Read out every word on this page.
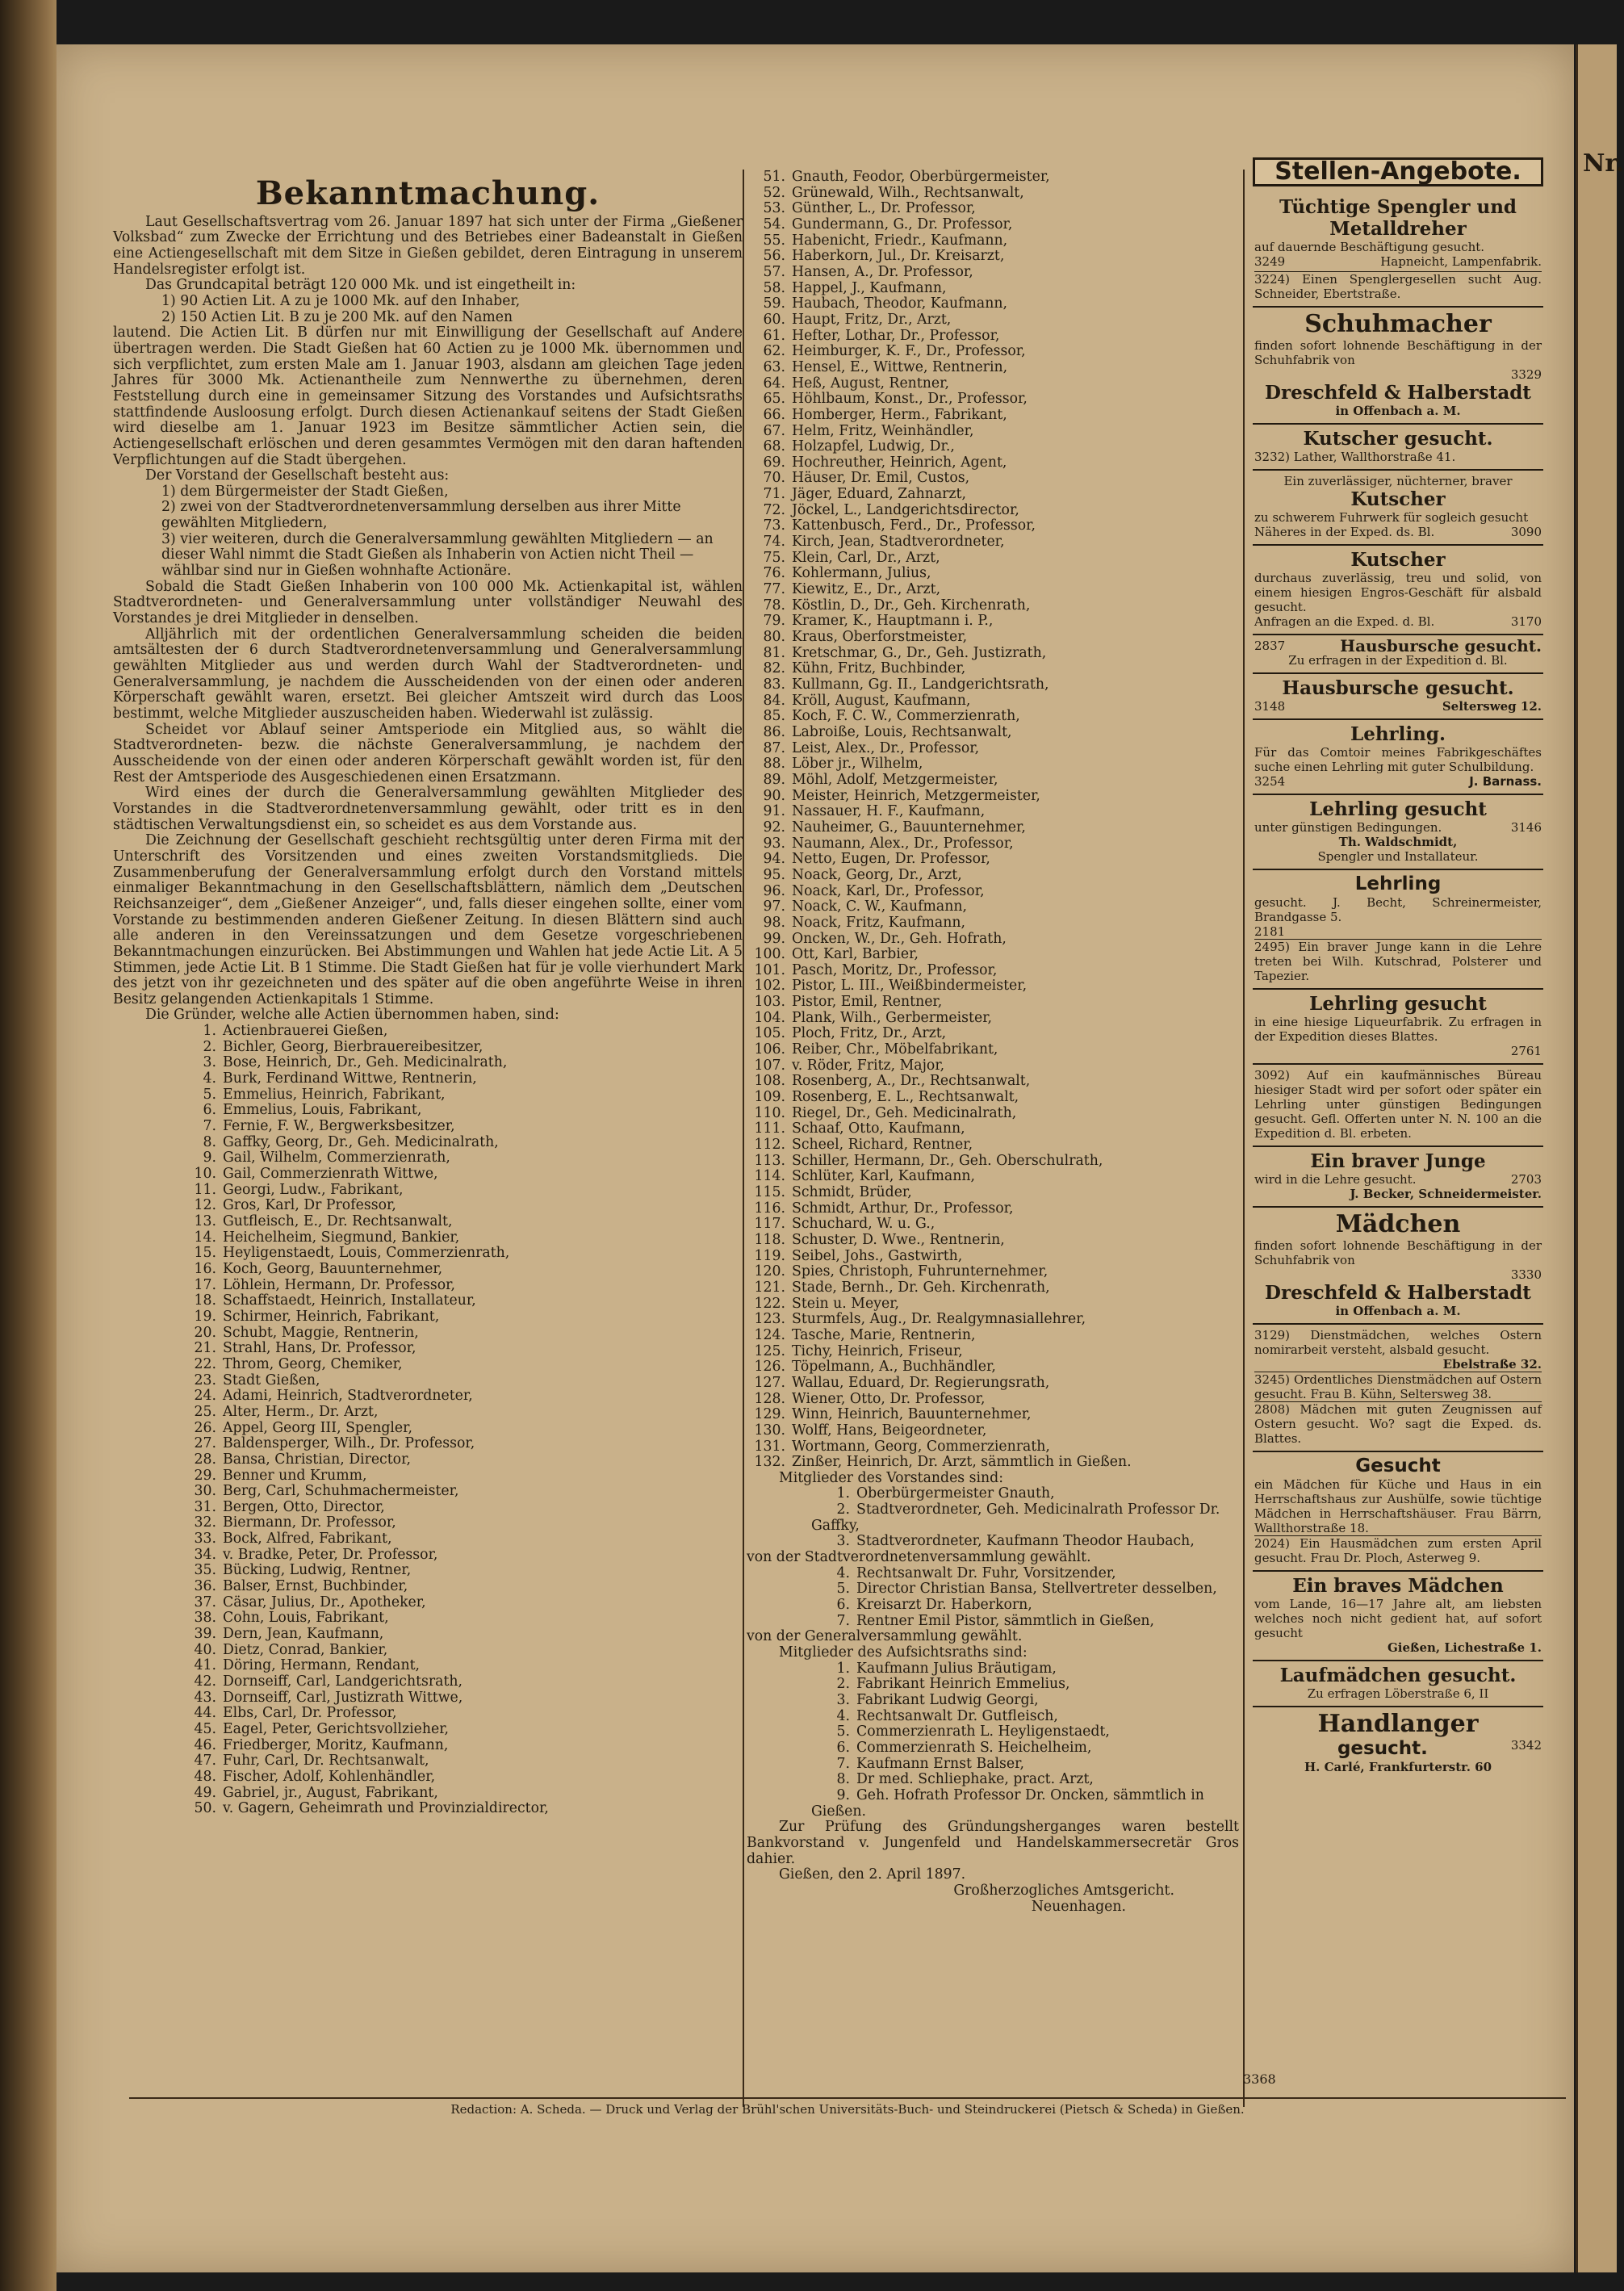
Nr.
Bekanntmachung.

Laut Gesellschaftsvertrag vom 26. Januar 1897 hat sich unter der Firma „Gießener Volksbad“ zum Zwecke der Errichtung und des Betriebes einer Badeanstalt in Gießen eine Actiengesellschaft mit dem Sitze in Gießen gebildet, deren Eintragung in unserem Handelsregister erfolgt ist.

Das Grundcapital beträgt 120 000 Mk. und ist eingetheilt in:

1) 90 Actien Lit. A zu je 1000 Mk. auf den Inhaber,

2) 150 Actien Lit. B zu je 200 Mk. auf den Namen

lautend. Die Actien Lit. B dürfen nur mit Einwilligung der Gesellschaft auf Andere übertragen werden. Die Stadt Gießen hat 60 Actien zu je 1000 Mk. übernommen und sich verpflichtet, zum ersten Male am 1. Januar 1903, alsdann am gleichen Tage jeden Jahres für 3000 Mk. Actienantheile zum Nennwerthe zu übernehmen, deren Feststellung durch eine in gemeinsamer Sitzung des Vorstandes und Aufsichtsraths stattfindende Ausloosung erfolgt. Durch diesen Actienankauf seitens der Stadt Gießen wird dieselbe am 1. Januar 1923 im Besitze sämmtlicher Actien sein, die Actiengesellschaft erlöschen und deren gesammtes Vermögen mit den daran haftenden Verpflichtungen auf die Stadt übergehen.

Der Vorstand der Gesellschaft besteht aus:

1) dem Bürgermeister der Stadt Gießen,

2) zwei von der Stadtverordnetenversammlung derselben aus ihrer Mitte gewählten Mitgliedern,

3) vier weiteren, durch die Generalversammlung gewählten Mitgliedern — an dieser Wahl nimmt die Stadt Gießen als Inhaberin von Actien nicht Theil — wählbar sind nur in Gießen wohnhafte Actionäre.

Sobald die Stadt Gießen Inhaberin von 100 000 Mk. Actienkapital ist, wählen Stadtverordneten- und Generalversammlung unter vollständiger Neuwahl des Vorstandes je drei Mitglieder in denselben.

Alljährlich mit der ordentlichen Generalversammlung scheiden die beiden amtsältesten der 6 durch Stadtverordnetenversammlung und Generalversammlung gewählten Mitglieder aus und werden durch Wahl der Stadtverordneten- und Generalversammlung, je nachdem die Ausscheidenden von der einen oder anderen Körperschaft gewählt waren, ersetzt. Bei gleicher Amtszeit wird durch das Loos bestimmt, welche Mitglieder auszuscheiden haben. Wiederwahl ist zulässig.

Scheidet vor Ablauf seiner Amtsperiode ein Mitglied aus, so wählt die Stadtverordneten- bezw. die nächste Generalversammlung, je nachdem der Ausscheidende von der einen oder anderen Körperschaft gewählt worden ist, für den Rest der Amtsperiode des Ausgeschiedenen einen Ersatzmann.

Wird eines der durch die Generalversammlung gewählten Mitglieder des Vorstandes in die Stadtverordnetenversammlung gewählt, oder tritt es in den städtischen Verwaltungsdienst ein, so scheidet es aus dem Vorstande aus.

Die Zeichnung der Gesellschaft geschieht rechtsgültig unter deren Firma mit der Unterschrift des Vorsitzenden und eines zweiten Vorstandsmitglieds. Die Zusammenberufung der Generalversammlung erfolgt durch den Vorstand mittels einmaliger Bekanntmachung in den Gesellschaftsblättern, nämlich dem „Deutschen Reichsanzeiger“, dem „Gießener Anzeiger“, und, falls dieser eingehen sollte, einer vom Vorstande zu bestimmenden anderen Gießener Zeitung. In diesen Blättern sind auch alle anderen in den Vereinssatzungen und dem Gesetze vorgeschriebenen Bekanntmachungen einzurücken. Bei Abstimmungen und Wahlen hat jede Actie Lit. A 5 Stimmen, jede Actie Lit. B 1 Stimme. Die Stadt Gießen hat für je volle vierhundert Mark des jetzt von ihr gezeichneten und des später auf die oben angeführte Weise in ihren Besitz gelangenden Actienkapitals 1 Stimme.

Die Gründer, welche alle Actien übernommen haben, sind:

1. Actienbrauerei Gießen,
2. Bichler, Georg, Bierbrauereibesitzer,
3. Bose, Heinrich, Dr., Geh. Medicinalrath,
4. Burk, Ferdinand Wittwe, Rentnerin,
5. Emmelius, Heinrich, Fabrikant,
6. Emmelius, Louis, Fabrikant,
7. Fernie, F. W., Bergwerksbesitzer,
8. Gaffky, Georg, Dr., Geh. Medicinalrath,
9. Gail, Wilhelm, Commerzienrath,
10. Gail, Commerzienrath Wittwe,
11. Georgi, Ludw., Fabrikant,
12. Gros, Karl, Dr Professor,
13. Gutfleisch, E., Dr. Rechtsanwalt,
14. Heichelheim, Siegmund, Bankier,
15. Heyligenstaedt, Louis, Commerzienrath,
16. Koch, Georg, Bauunternehmer,
17. Löhlein, Hermann, Dr. Professor,
18. Schaffstaedt, Heinrich, Installateur,
19. Schirmer, Heinrich, Fabrikant,
20. Schubt, Maggie, Rentnerin,
21. Strahl, Hans, Dr. Professor,
22. Throm, Georg, Chemiker,
23. Stadt Gießen,
24. Adami, Heinrich, Stadtverordneter,
25. Alter, Herm., Dr. Arzt,
26. Appel, Georg III, Spengler,
27. Baldensperger, Wilh., Dr. Professor,
28. Bansa, Christian, Director,
29. Benner und Krumm,
30. Berg, Carl, Schuhmachermeister,
31. Bergen, Otto, Director,
32. Biermann, Dr. Professor,
33. Bock, Alfred, Fabrikant,
34. v. Bradke, Peter, Dr. Professor,
35. Bücking, Ludwig, Rentner,
36. Balser, Ernst, Buchbinder,
37. Cäsar, Julius, Dr., Apotheker,
38. Cohn, Louis, Fabrikant,
39. Dern, Jean, Kaufmann,
40. Dietz, Conrad, Bankier,
41. Döring, Hermann, Rendant,
42. Dornseiff, Carl, Landgerichtsrath,
43. Dornseiff, Carl, Justizrath Wittwe,
44. Elbs, Carl, Dr. Professor,
45. Eagel, Peter, Gerichtsvollzieher,
46. Friedberger, Moritz, Kaufmann,
47. Fuhr, Carl, Dr. Rechtsanwalt,
48. Fischer, Adolf, Kohlenhändler,
49. Gabriel, jr., August, Fabrikant,
50. v. Gagern, Geheimrath und Provinzialdirector,
51. Gnauth, Feodor, Oberbürgermeister,
52. Grünewald, Wilh., Rechtsanwalt,
53. Günther, L., Dr. Professor,
54. Gundermann, G., Dr. Professor,
55. Habenicht, Friedr., Kaufmann,
56. Haberkorn, Jul., Dr. Kreisarzt,
57. Hansen, A., Dr. Professor,
58. Happel, J., Kaufmann,
59. Haubach, Theodor, Kaufmann,
60. Haupt, Fritz, Dr., Arzt,
61. Hefter, Lothar, Dr., Professor,
62. Heimburger, K. F., Dr., Professor,
63. Hensel, E., Wittwe, Rentnerin,
64. Heß, August, Rentner,
65. Höhlbaum, Konst., Dr., Professor,
66. Homberger, Herm., Fabrikant,
67. Helm, Fritz, Weinhändler,
68. Holzapfel, Ludwig, Dr.,
69. Hochreuther, Heinrich, Agent,
70. Häuser, Dr. Emil, Custos,
71. Jäger, Eduard, Zahnarzt,
72. Jöckel, L., Landgerichtsdirector,
73. Kattenbusch, Ferd., Dr., Professor,
74. Kirch, Jean, Stadtverordneter,
75. Klein, Carl, Dr., Arzt,
76. Kohlermann, Julius,
77. Kiewitz, E., Dr., Arzt,
78. Köstlin, D., Dr., Geh. Kirchenrath,
79. Kramer, K., Hauptmann i. P.,
80. Kraus, Oberforstmeister,
81. Kretschmar, G., Dr., Geh. Justizrath,
82. Kühn, Fritz, Buchbinder,
83. Kullmann, Gg. II., Landgerichtsrath,
84. Kröll, August, Kaufmann,
85. Koch, F. C. W., Commerzienrath,
86. Labroiße, Louis, Rechtsanwalt,
87. Leist, Alex., Dr., Professor,
88. Löber jr., Wilhelm,
89. Möhl, Adolf, Metzgermeister,
90. Meister, Heinrich, Metzgermeister,
91. Nassauer, H. F., Kaufmann,
92. Nauheimer, G., Bauunternehmer,
93. Naumann, Alex., Dr., Professor,
94. Netto, Eugen, Dr. Professor,
95. Noack, Georg, Dr., Arzt,
96. Noack, Karl, Dr., Professor,
97. Noack, C. W., Kaufmann,
98. Noack, Fritz, Kaufmann,
99. Oncken, W., Dr., Geh. Hofrath,
100. Ott, Karl, Barbier,
101. Pasch, Moritz, Dr., Professor,
102. Pistor, L. III., Weißbindermeister,
103. Pistor, Emil, Rentner,
104. Plank, Wilh., Gerbermeister,
105. Ploch, Fritz, Dr., Arzt,
106. Reiber, Chr., Möbelfabrikant,
107. v. Röder, Fritz, Major,
108. Rosenberg, A., Dr., Rechtsanwalt,
109. Rosenberg, E. L., Rechtsanwalt,
110. Riegel, Dr., Geh. Medicinalrath,
111. Schaaf, Otto, Kaufmann,
112. Scheel, Richard, Rentner,
113. Schiller, Hermann, Dr., Geh. Oberschulrath,
114. Schlüter, Karl, Kaufmann,
115. Schmidt, Brüder,
116. Schmidt, Arthur, Dr., Professor,
117. Schuchard, W. u. G.,
118. Schuster, D. Wwe., Rentnerin,
119. Seibel, Johs., Gastwirth,
120. Spies, Christoph, Fuhrunternehmer,
121. Stade, Bernh., Dr. Geh. Kirchenrath,
122. Stein u. Meyer,
123. Sturmfels, Aug., Dr. Realgymnasiallehrer,
124. Tasche, Marie, Rentnerin,
125. Tichy, Heinrich, Friseur,
126. Töpelmann, A., Buchhändler,
127. Wallau, Eduard, Dr. Regierungsrath,
128. Wiener, Otto, Dr. Professor,
129. Winn, Heinrich, Bauunternehmer,
130. Wolff, Hans, Beigeordneter,
131. Wortmann, Georg, Commerzienrath,
132. Zinßer, Heinrich, Dr. Arzt, sämmtlich in Gießen.

Mitglieder des Vorstandes sind:

1. Oberbürgermeister Gnauth,
2. Stadtverordneter, Geh. Medicinalrath Professor Dr. Gaffky,
3. Stadtverordneter, Kaufmann Theodor Haubach,

von der Stadtverordnetenversammlung gewählt.

4. Rechtsanwalt Dr. Fuhr, Vorsitzender,
5. Director Christian Bansa, Stellvertreter desselben,
6. Kreisarzt Dr. Haberkorn,
7. Rentner Emil Pistor, sämmtlich in Gießen,

von der Generalversammlung gewählt.

Mitglieder des Aufsichtsraths sind:

1. Kaufmann Julius Bräutigam,
2. Fabrikant Heinrich Emmelius,
3. Fabrikant Ludwig Georgi,
4. Rechtsanwalt Dr. Gutfleisch,
5. Commerzienrath L. Heyligenstaedt,
6. Commerzienrath S. Heichelheim,
7. Kaufmann Ernst Balser,
8. Dr med. Schliephake, pract. Arzt,
9. Geh. Hofrath Professor Dr. Oncken, sämmtlich in Gießen.

Zur Prüfung des Gründungsherganges waren bestellt Bankvorstand v. Jungenfeld und Handelskammersecretär Gros dahier.

Gießen, den 2. April 1897.

Großherzogliches Amtsgericht.

Neuenhagen.

3368
Stellen-Angebote.
Tüchtige Spengler und Metalldreher
auf dauernde Beschäftigung gesucht.
3249	Hapneicht, Lampenfabrik.
3224) Einen Spenglergesellen sucht Aug. Schneider, Ebertstraße.
Schuhmacher
finden sofort lohnende Beschäftigung in der Schuhfabrik von
3329
Dreschfeld & Halberstadt
in Offenbach a. M.
Kutscher gesucht.
3232) Lather, Wallthorstraße 41.
Ein zuverlässiger, nüchterner, braver
Kutscher
zu schwerem Fuhrwerk für sogleich gesucht
Näheres in der Exped. ds. Bl.	3090
Kutscher
durchaus zuverlässig, treu und solid, von einem hiesigen Engros-Geschäft für alsbald gesucht.
Anfragen an die Exped. d. Bl.	3170
2837	Hausbursche gesucht.
Zu erfragen in der Expedition d. Bl.
Hausbursche gesucht.
3148	Seltersweg 12.
Lehrling.
Für das Comtoir meines Fabrikgeschäftes suche einen Lehrling mit guter Schulbildung.
3254	J. Barnass.
Lehrling gesucht
unter günstigen Bedingungen.	3146
Th. Waldschmidt,
Spengler und Installateur.
Lehrling
gesucht. J. Becht, Schreinermeister, Brandgasse 5.
2181
2495) Ein braver Junge kann in die Lehre treten bei Wilh. Kutschrad, Polsterer und Tapezier.
Lehrling gesucht
in eine hiesige Liqueurfabrik. Zu erfragen in der Expedition dieses Blattes.
2761
3092) Auf ein kaufmännisches Büreau hiesiger Stadt wird per sofort oder später ein Lehrling unter günstigen Bedingungen gesucht. Gefl. Offerten unter N. N. 100 an die Expedition d. Bl. erbeten.
Ein braver Junge
wird in die Lehre gesucht.	2703
J. Becker, Schneidermeister.
Mädchen
finden sofort lohnende Beschäftigung in der Schuhfabrik von
3330
Dreschfeld & Halberstadt
in Offenbach a. M.
3129) Dienstmädchen, welches Ostern nomirarbeit versteht, alsbald gesucht.
Ebelstraße 32.
3245) Ordentliches Dienstmädchen auf Ostern gesucht. Frau B. Kühn, Seltersweg 38.
2808) Mädchen mit guten Zeugnissen auf Ostern gesucht. Wo? sagt die Exped. ds. Blattes.
Gesucht
ein Mädchen für Küche und Haus in ein Herrschaftshaus zur Aushülfe, sowie tüchtige Mädchen in Herrschaftshäuser. Frau Bärrn, Wallthorstraße 18.
2024) Ein Hausmädchen zum ersten April gesucht. Frau Dr. Ploch, Asterweg 9.
Ein braves Mädchen
vom Lande, 16—17 Jahre alt, am liebsten welches noch nicht gedient hat, auf sofort gesucht
Gießen, Lichestraße 1.
Laufmädchen gesucht.
Zu erfragen Löberstraße 6, II
Handlanger
gesucht.	3342
H. Carlé, Frankfurterstr. 60
Redaction: A. Scheda. — Druck und Verlag der Brühl'schen Universitäts-Buch- und Steindruckerei (Pietsch & Scheda) in Gießen.
